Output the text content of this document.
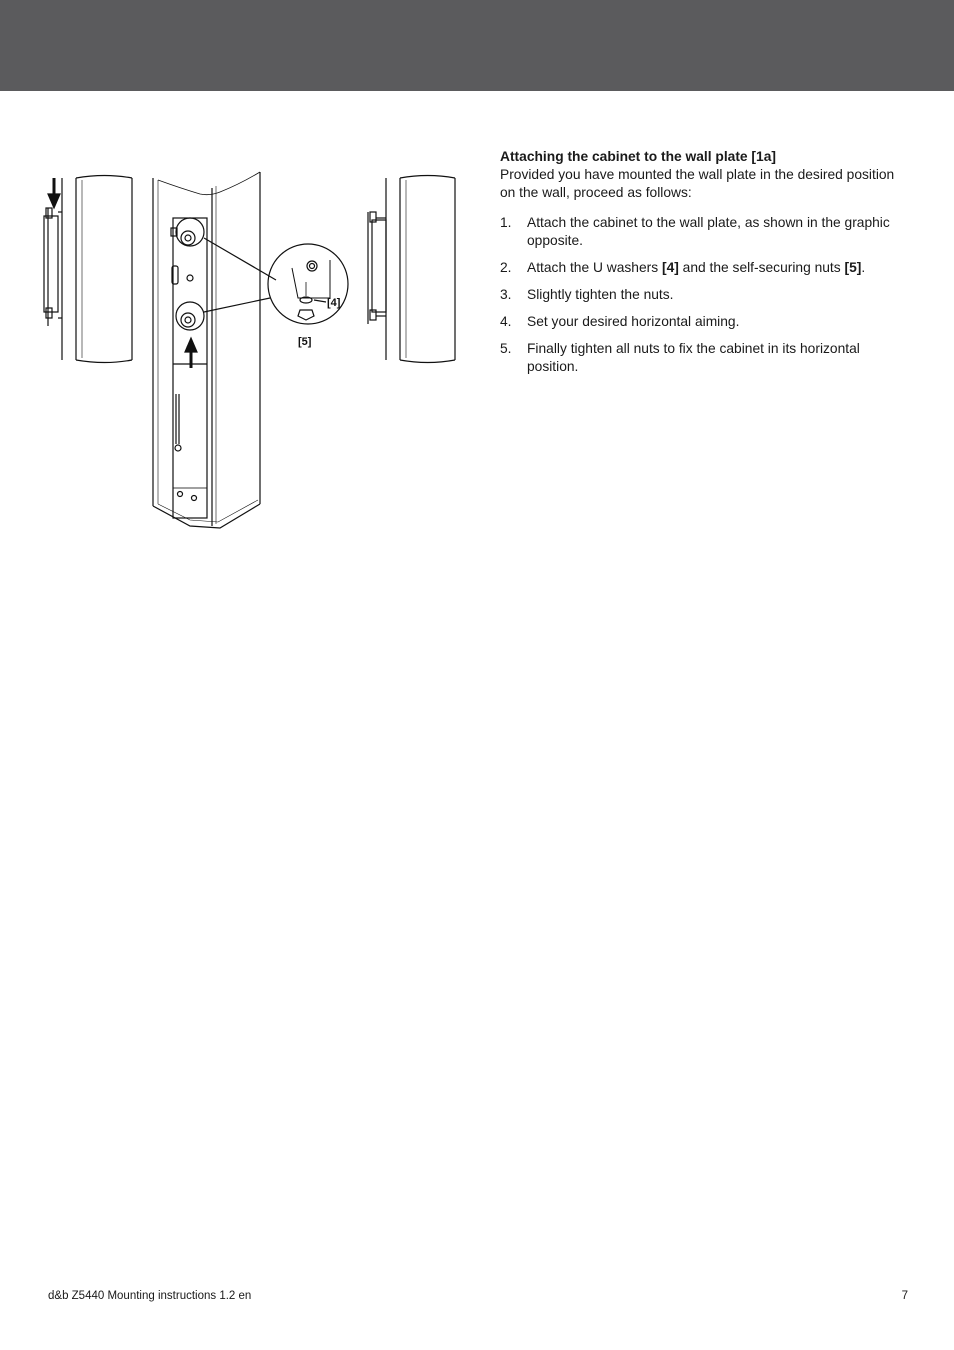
[4]
[5]

Attaching the cabinet to the wall plate [1a]

Provided you have mounted the wall plate in the desired position on the wall, proceed as follows:

1.	Attach the cabinet to the wall plate, as shown in the graphic opposite.
2.	Attach the U washers [4] and the self-securing nuts [5].
3.	Slightly tighten the nuts.
4.	Set your desired horizontal aiming.
5.	Finally tighten all nuts to fix the cabinet in its horizontal position.
d&b Z5440 Mounting instructions 1.2 en	7
